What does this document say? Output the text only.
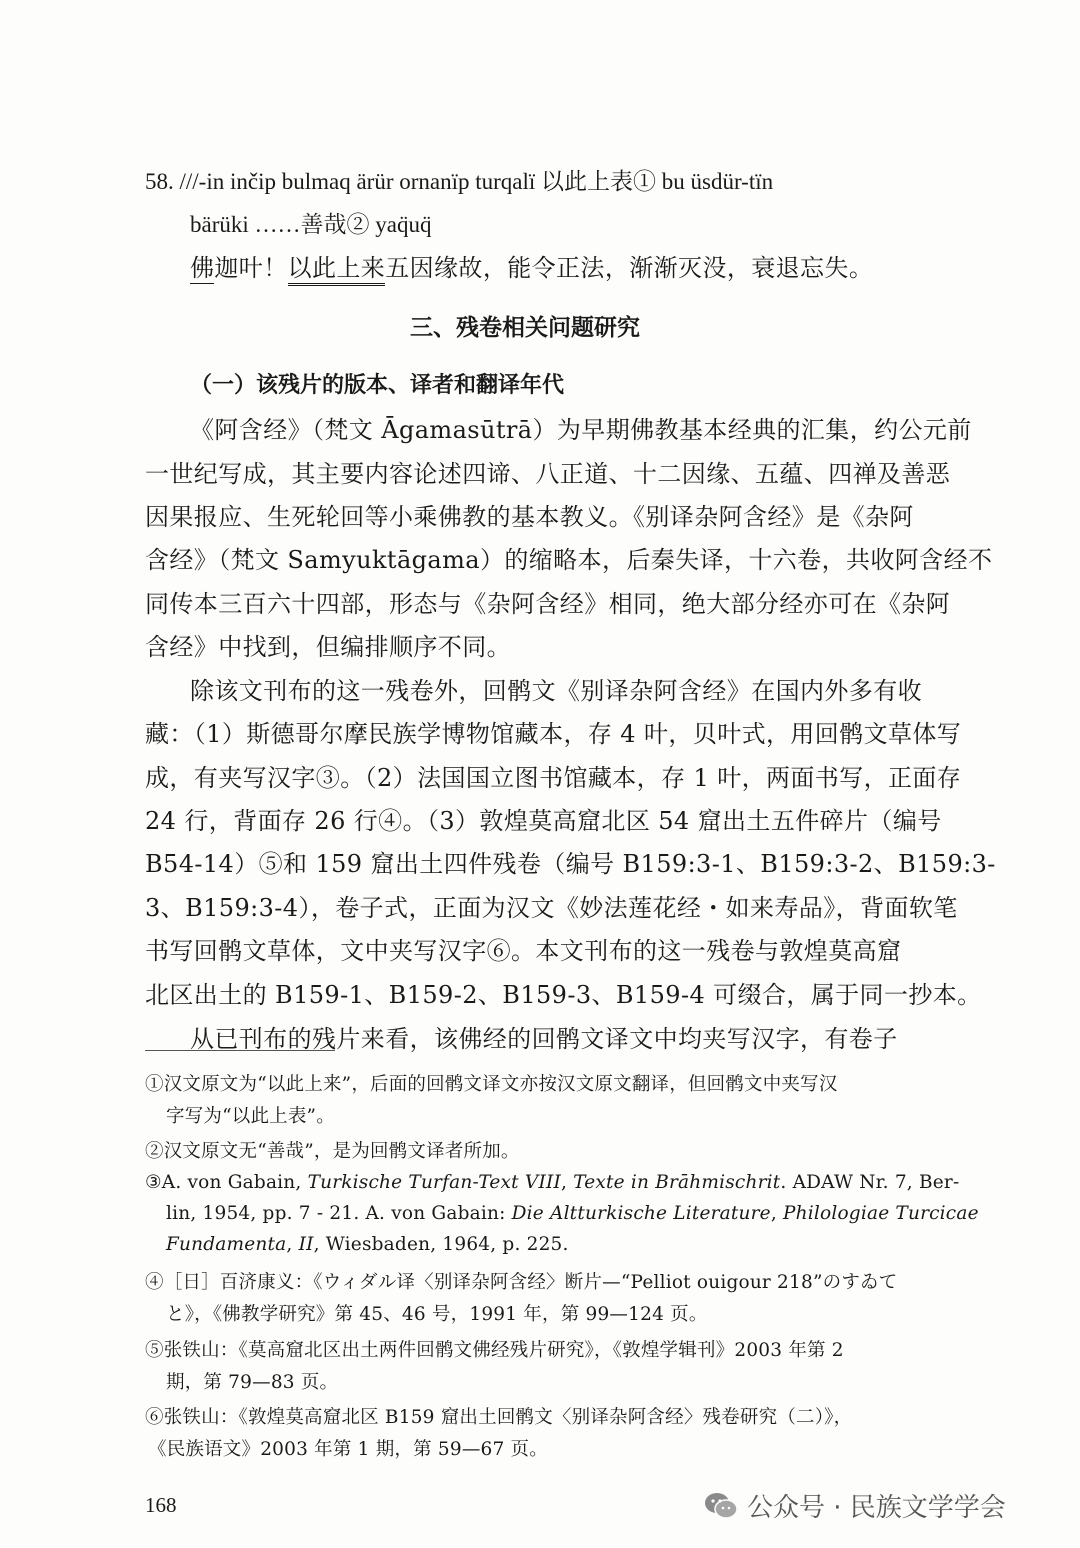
58. ///-in inčip bulmaq ärür ornanïp turqalï 以此上表① bu üsdür-tïn
bärüki ……善哉② yaq̈uq̈
佛迦叶！以此上来五因缘故，能令正法，渐渐灭没，衰退忘失。
三、残卷相关问题研究
（一）该残片的版本、译者和翻译年代
《阿含经》（梵文 Āgamasūtrā）为早期佛教基本经典的汇集，约公元前
一世纪写成，其主要内容论述四谛、八正道、十二因缘、五蕴、四禅及善恶
因果报应、生死轮回等小乘佛教的基本教义。《别译杂阿含经》是《杂阿
含经》（梵文 Samyuktāgama）的缩略本，后秦失译，十六卷，共收阿含经不
同传本三百六十四部，形态与《杂阿含经》相同，绝大部分经亦可在《杂阿
含经》中找到，但编排顺序不同。
除该文刊布的这一残卷外，回鹘文《别译杂阿含经》在国内外多有收
藏：（1）斯德哥尔摩民族学博物馆藏本，存 4 叶，贝叶式，用回鹘文草体写
成，有夹写汉字③。（2）法国国立图书馆藏本，存 1 叶，两面书写，正面存
24 行，背面存 26 行④。（3）敦煌莫高窟北区 54 窟出土五件碎片（编号
B54-14）⑤和 159 窟出土四件残卷（编号 B159:3-1、B159:3-2、B159:3-
3、B159:3-4），卷子式，正面为汉文《妙法莲花经・如来寿品》，背面软笔
书写回鹘文草体，文中夹写汉字⑥。本文刊布的这一残卷与敦煌莫高窟
北区出土的 B159-1、B159-2、B159-3、B159-4 可缀合，属于同一抄本。
从已刊布的残片来看，该佛经的回鹘文译文中均夹写汉字，有卷子
①汉文原文为“以此上来”，后面的回鹘文译文亦按汉文原文翻译，但回鹘文中夹写汉
字写为“以此上表”。
②汉文原文无“善哉”，是为回鹘文译者所加。
③A. von Gabain, Turkische Turfan-Text VIII, Texte in Brāhmischrit. ADAW Nr. 7, Ber-
lin, 1954, pp. 7 - 21. A. von Gabain: Die Altturkische Literature, Philologiae Turcicae
Fundamenta, II, Wiesbaden, 1964, p. 225.
④［日］百济康义：《ウィダル译〈别译杂阿含经〉断片—“Pelliot ouigour 218”のすゐて
と》，《佛教学研究》第 45、46 号，1991 年，第 99—124 页。
⑤张铁山：《莫高窟北区出土两件回鹘文佛经残片研究》，《敦煌学辑刊》2003 年第 2
期，第 79—83 页。
⑥张铁山：《敦煌莫高窟北区 B159 窟出土回鹘文〈别译杂阿含经〉残卷研究（二）》，
《民族语文》2003 年第 1 期，第 59—67 页。
168	公众号 · 民族文学学会
